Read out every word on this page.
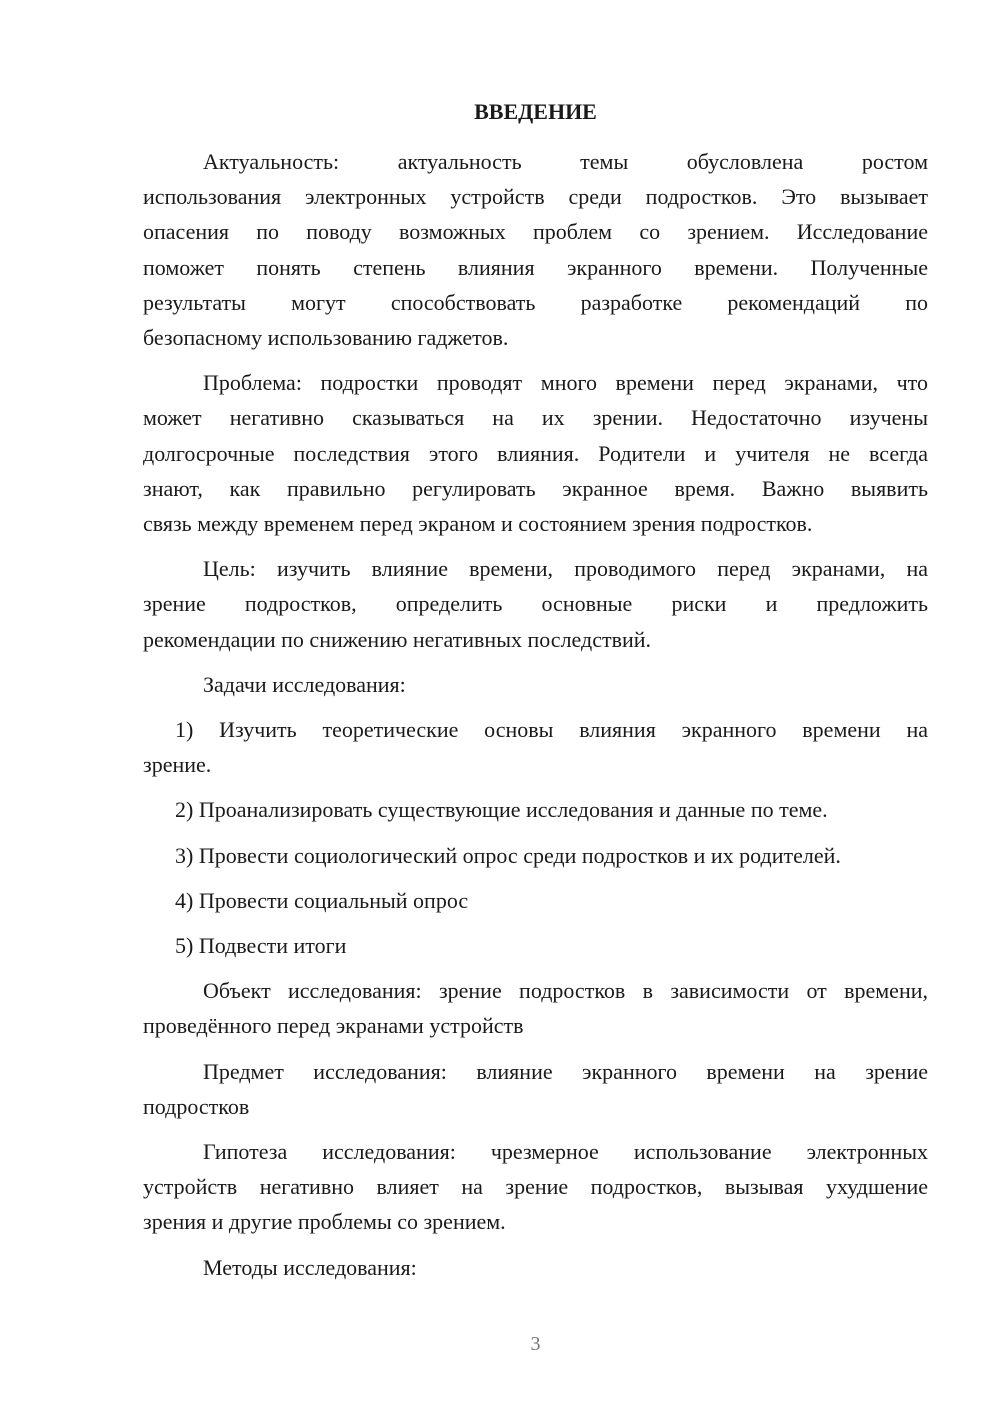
ВВЕДЕНИЕ
Актуальность: актуальность темы обусловлена ростом
использования электронных устройств среди подростков. Это вызывает
опасения по поводу возможных проблем со зрением. Исследование
поможет понять степень влияния экранного времени. Полученные
результаты могут способствовать разработке рекомендаций по
безопасному использованию гаджетов.
Проблема: подростки проводят много времени перед экранами, что
может негативно сказываться на их зрении. Недостаточно изучены
долгосрочные последствия этого влияния. Родители и учителя не всегда
знают, как правильно регулировать экранное время. Важно выявить
связь между временем перед экраном и состоянием зрения подростков.
Цель: изучить влияние времени, проводимого перед экранами, на
зрение подростков, определить основные риски и предложить
рекомендации по снижению негативных последствий.
Задачи исследования:
1) Изучить теоретические основы влияния экранного времени на
зрение.
2) Проанализировать существующие исследования и данные по теме.
3) Провести социологический опрос среди подростков и их родителей.
4) Провести социальный опрос
5) Подвести итоги
Объект исследования: зрение подростков в зависимости от времени,
проведённого перед экранами устройств
Предмет исследования: влияние экранного времени на зрение
подростков
Гипотеза исследования: чрезмерное использование электронных
устройств негативно влияет на зрение подростков, вызывая ухудшение
зрения и другие проблемы со зрением.
Методы исследования:
3
